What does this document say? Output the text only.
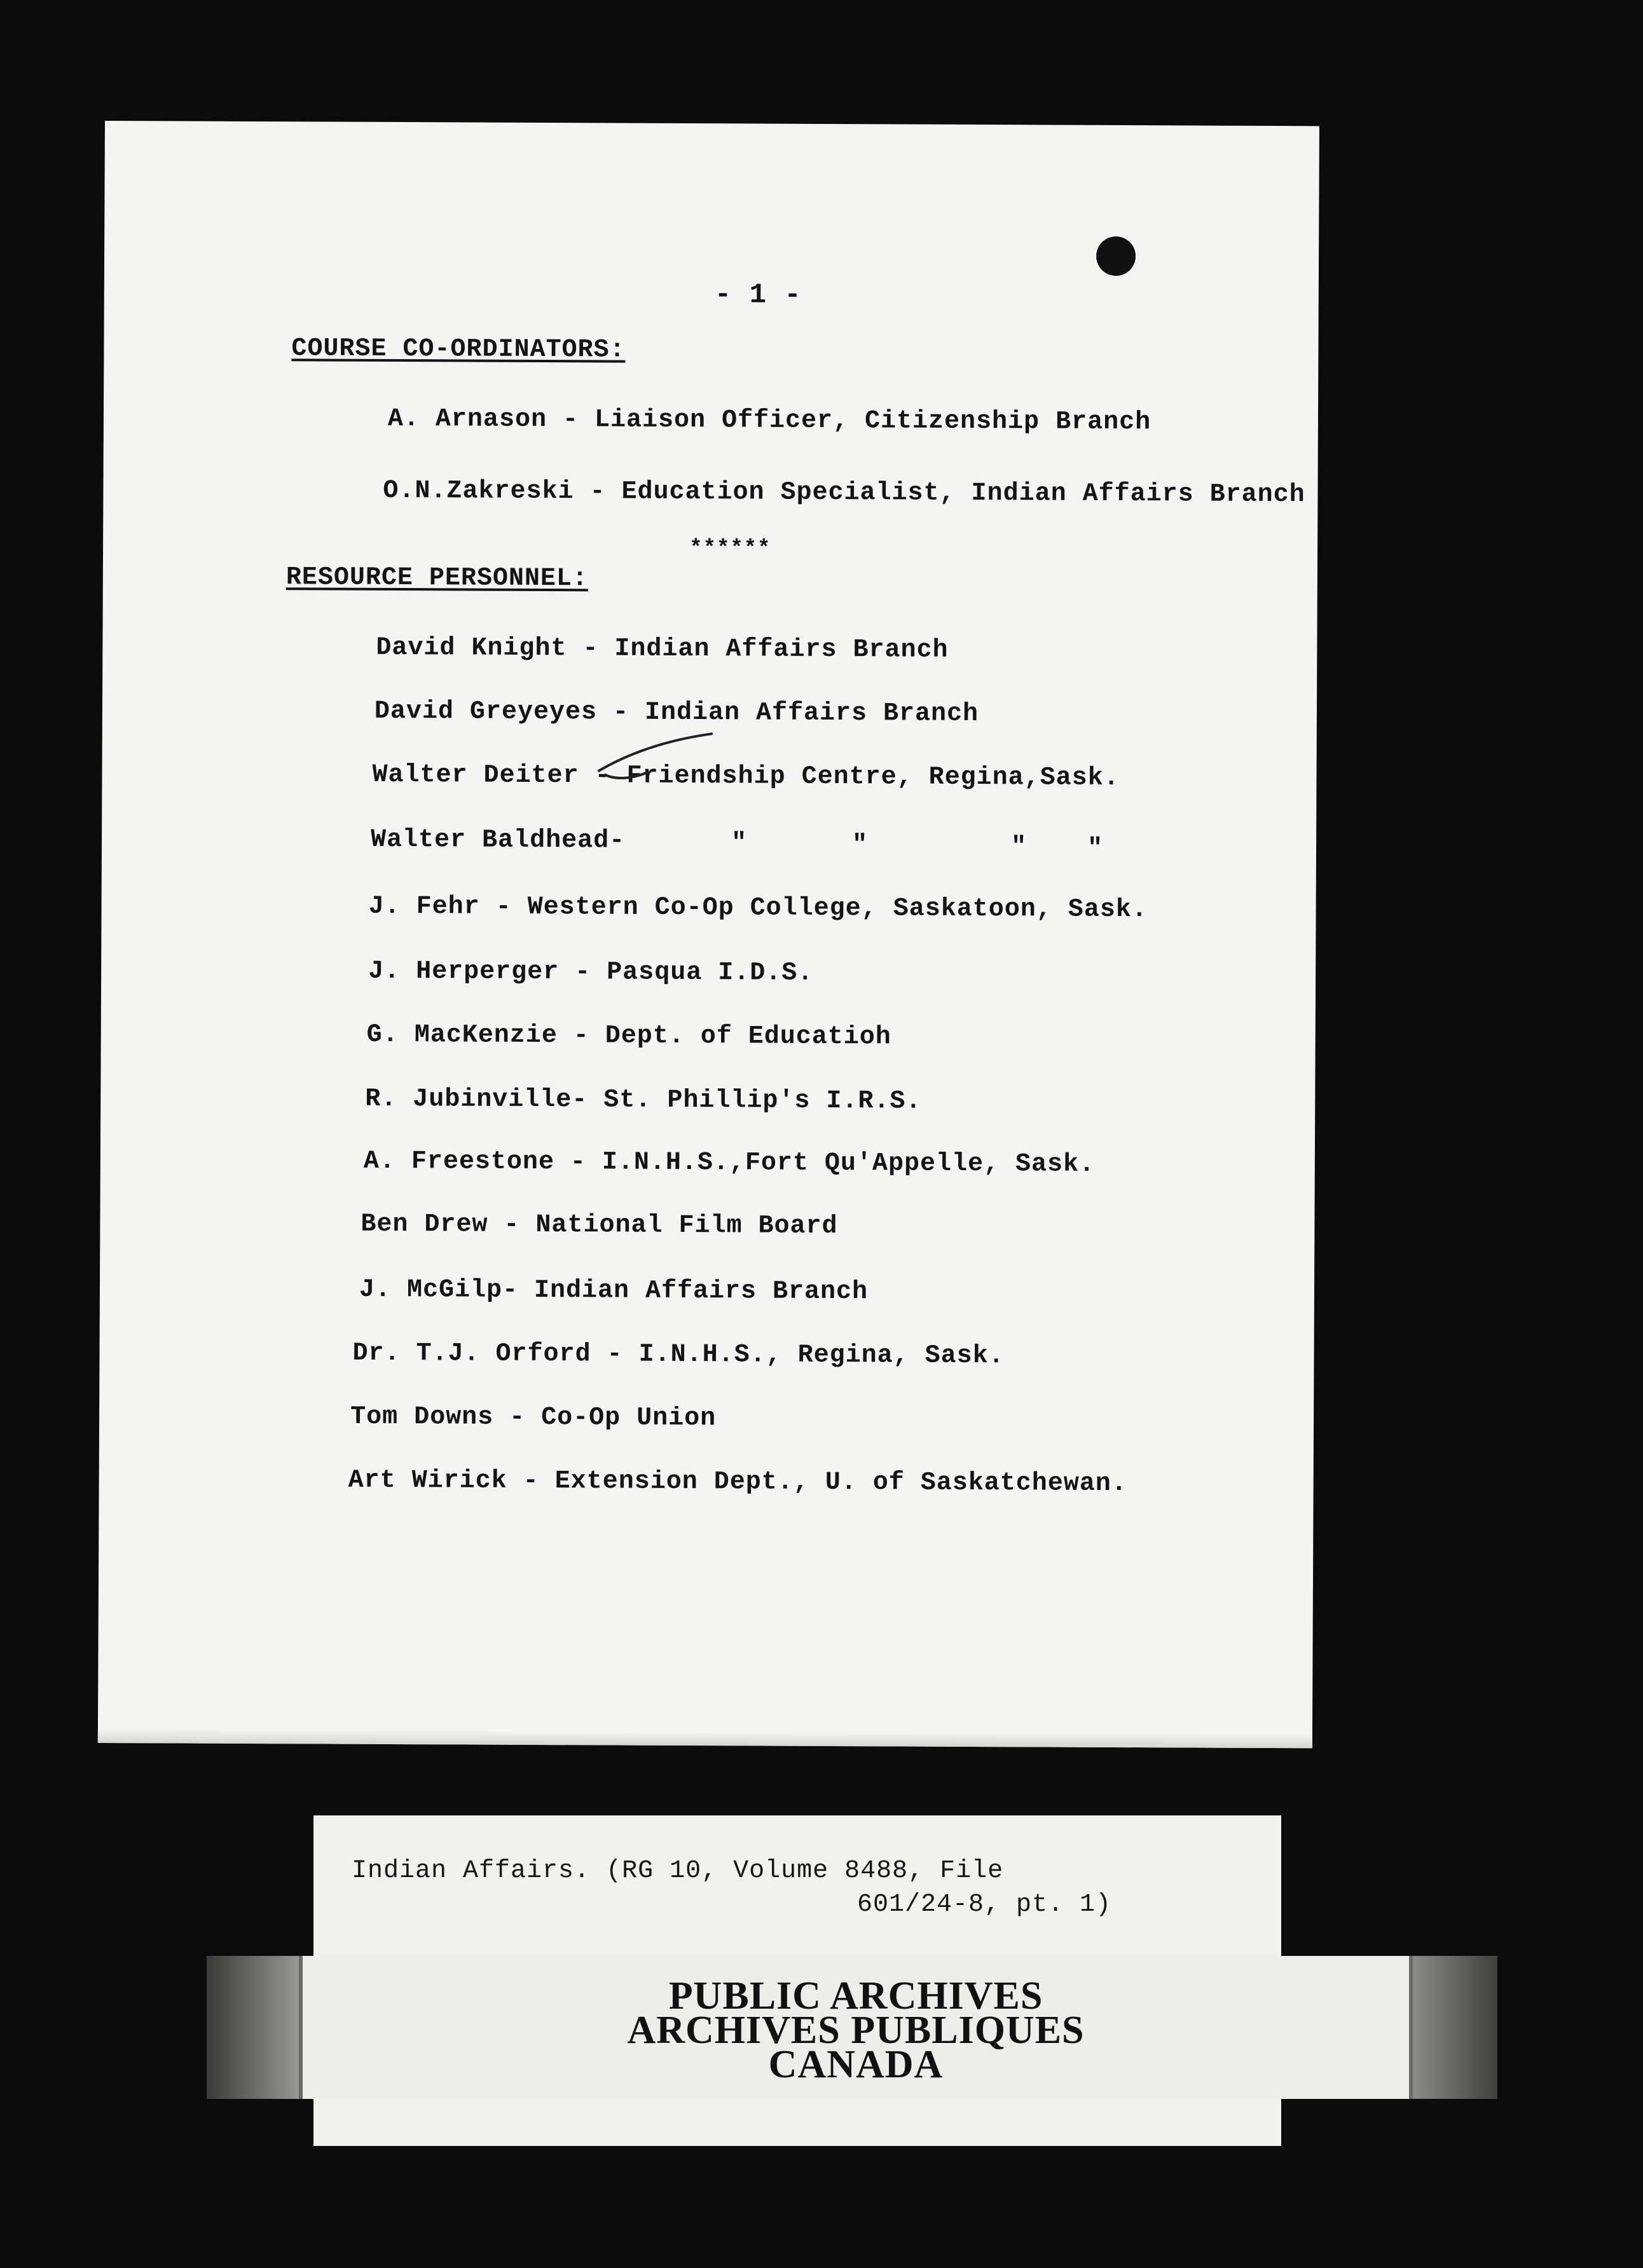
- 1 -
COURSE CO-ORDINATORS:
A. Arnason - Liaison Officer, Citizenship Branch
O.N.Zakreski - Education Specialist, Indian Affairs Branch
******
RESOURCE PERSONNEL:
David Knight - Indian Affairs Branch
David Greyeyes - Indian Affairs Branch
Walter Deiter - Friendship Centre, Regina,Sask.
Walter Baldhead-	"	"	" "
J. Fehr - Western Co-Op College, Saskatoon, Sask.
J. Herperger - Pasqua I.D.S.
G. MacKenzie - Dept. of Educatioh
R. Jubinville- St. Phillip's I.R.S.
A. Freestone - I.N.H.S.,Fort Qu'Appelle, Sask.
Ben Drew - National Film Board
J. McGilp- Indian Affairs Branch
Dr. T.J. Orford - I.N.H.S., Regina, Sask.
Tom Downs - Co-Op Union
Art Wirick - Extension Dept., U. of Saskatchewan.
Indian Affairs. (RG 10, Volume 8488, File
601/24-8, pt. 1)
PUBLIC ARCHIVES
ARCHIVES PUBLIQUES
CANADA
